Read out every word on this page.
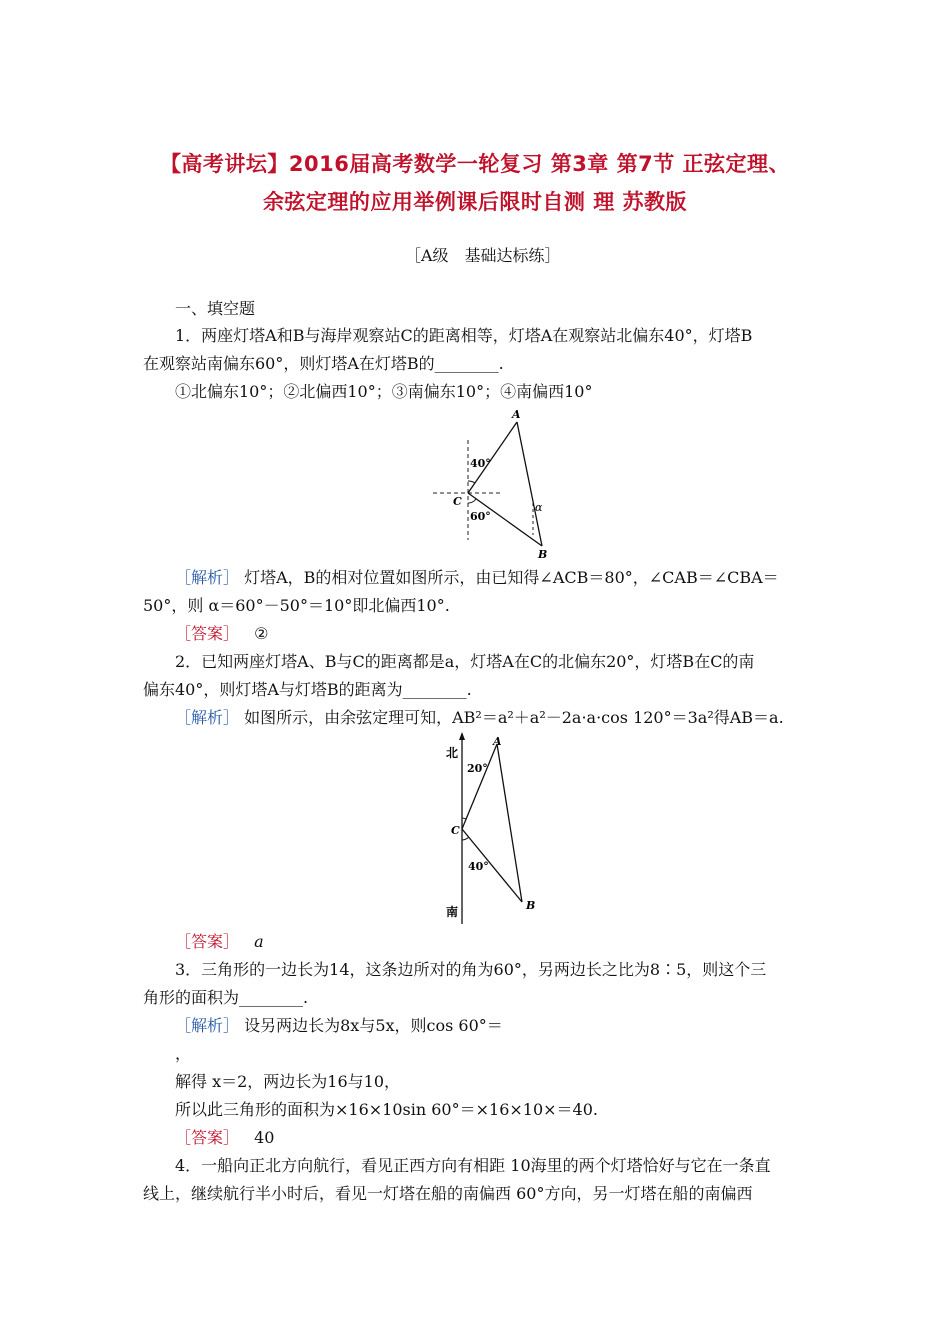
【高考讲坛】2016届高考数学一轮复习 第3章 第7节 正弦定理、
余弦定理的应用举例课后限时自测 理 苏教版
［A级　基础达标练］
一、填空题
1．两座灯塔A和B与海岸观察站C的距离相等，灯塔A在观察站北偏东40°，灯塔B
在观察站南偏东60°，则灯塔A在灯塔B的________.
①北偏东10°；②北偏西10°；③南偏东10°；④南偏西10°
A
C
B
40°
60°
α
［解析］ 灯塔A，B的相对位置如图所示，由已知得∠ACB＝80°，∠CAB＝∠CBA＝
50°，则 α＝60°－50°＝10°即北偏西10°.
［答案］ ②
2．已知两座灯塔A、B与C的距离都是a，灯塔A在C的北偏东20°，灯塔B在C的南
偏东40°，则灯塔A与灯塔B的距离为________.
［解析］ 如图所示，由余弦定理可知，AB²＝a²＋a²－2a·a·cos 120°＝3a²得AB＝a.
北
南
A
C
B
20°
40°
［答案］ a
3．三角形的一边长为14，这条边所对的角为60°，另两边长之比为8∶5，则这个三
角形的面积为________.
［解析］ 设另两边长为8x与5x，则cos 60°＝
，
解得 x＝2，两边长为16与10，
所以此三角形的面积为×16×10sin 60°＝×16×10×＝40.
［答案］ 40
4．一船向正北方向航行，看见正西方向有相距 10海里的两个灯塔恰好与它在一条直
线上，继续航行半小时后，看见一灯塔在船的南偏西 60°方向，另一灯塔在船的南偏西
